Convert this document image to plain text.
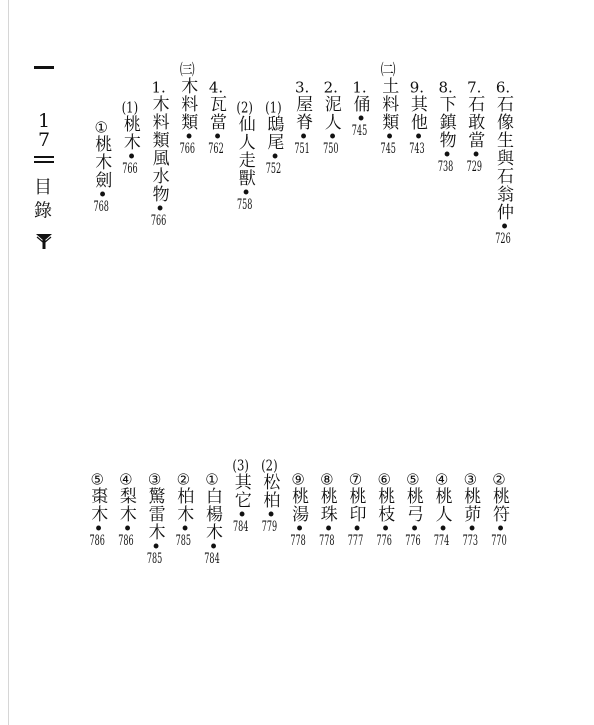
1 7
目 錄
6.石像生與石翁仲•726
7.石敢當•729
8.下鎮物•738
9.其他•743
㈡土料類•745
1.俑•745
2.泥人•750
3.屋脊•751
(1)鴟尾•752
(2)仙人走獸•758
4.瓦當•762
㈢木料類•766
1.木料類風水物•766
(1)桃木•766
①桃木劍•768
②桃符•770
③桃茆•773
④桃人•774
⑤桃弓•776
⑥桃枝•776
⑦桃印•777
⑧桃珠•778
⑨桃湯•778
(2)松柏•779
(3)其它•784
①白楊木•784
②柏木•785
③驚雷木•785
④梨木•786
⑤棗木•786
